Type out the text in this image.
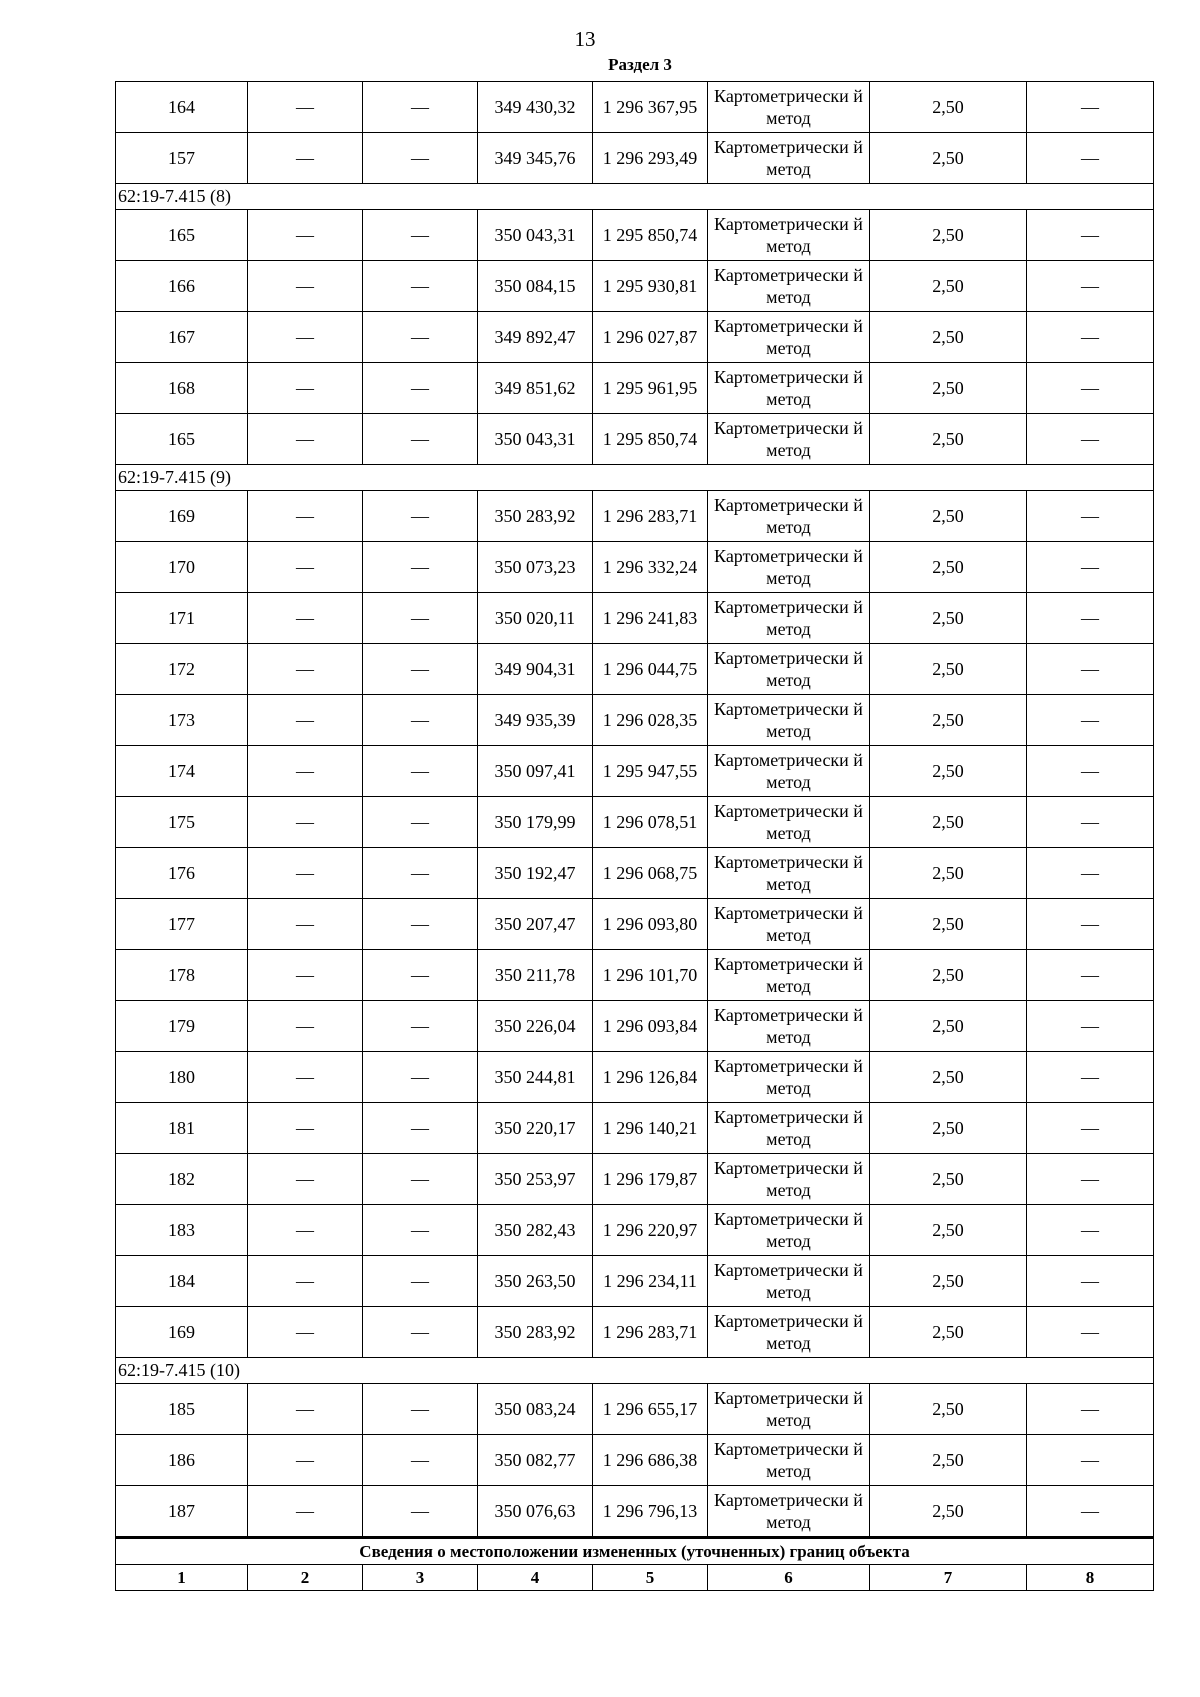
13
Раздел 3
164	—	—	349 430,32	1 296 367,95	Картометрически й метод	2,50	—
157	—	—	349 345,76	1 296 293,49	Картометрически й метод	2,50	—
62:19-7.415 (8)							
165	—	—	350 043,31	1 295 850,74	Картометрически й метод	2,50	—
166	—	—	350 084,15	1 295 930,81	Картометрически й метод	2,50	—
167	—	—	349 892,47	1 296 027,87	Картометрически й метод	2,50	—
168	—	—	349 851,62	1 295 961,95	Картометрически й метод	2,50	—
165	—	—	350 043,31	1 295 850,74	Картометрически й метод	2,50	—
62:19-7.415 (9)							
169	—	—	350 283,92	1 296 283,71	Картометрически й метод	2,50	—
170	—	—	350 073,23	1 296 332,24	Картометрически й метод	2,50	—
171	—	—	350 020,11	1 296 241,83	Картометрически й метод	2,50	—
172	—	—	349 904,31	1 296 044,75	Картометрически й метод	2,50	—
173	—	—	349 935,39	1 296 028,35	Картометрически й метод	2,50	—
174	—	—	350 097,41	1 295 947,55	Картометрически й метод	2,50	—
175	—	—	350 179,99	1 296 078,51	Картометрически й метод	2,50	—
176	—	—	350 192,47	1 296 068,75	Картометрически й метод	2,50	—
177	—	—	350 207,47	1 296 093,80	Картометрически й метод	2,50	—
178	—	—	350 211,78	1 296 101,70	Картометрически й метод	2,50	—
179	—	—	350 226,04	1 296 093,84	Картометрически й метод	2,50	—
180	—	—	350 244,81	1 296 126,84	Картометрически й метод	2,50	—
181	—	—	350 220,17	1 296 140,21	Картометрически й метод	2,50	—
182	—	—	350 253,97	1 296 179,87	Картометрически й метод	2,50	—
183	—	—	350 282,43	1 296 220,97	Картометрически й метод	2,50	—
184	—	—	350 263,50	1 296 234,11	Картометрически й метод	2,50	—
169	—	—	350 283,92	1 296 283,71	Картометрически й метод	2,50	—
62:19-7.415 (10)							
185	—	—	350 083,24	1 296 655,17	Картометрически й метод	2,50	—
186	—	—	350 082,77	1 296 686,38	Картометрически й метод	2,50	—
187	—	—	350 076,63	1 296 796,13	Картометрически й метод	2,50	—
Сведения о местоположении измененных (уточненных) границ объекта							
1	2	3	4	5	6	7	8
